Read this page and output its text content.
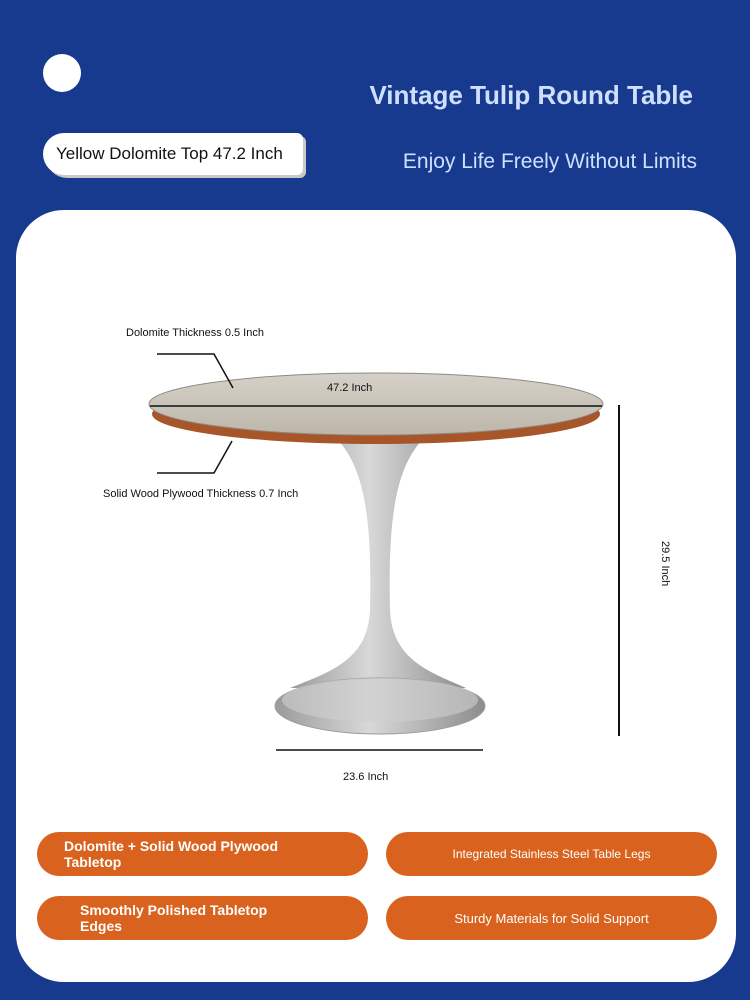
Vintage Tulip Round Table
Enjoy Life Freely Without Limits
Yellow Dolomite Top 47.2 Inch
Dolomite Thickness 0.5 Inch
47.2 Inch
Solid Wood Plywood Thickness 0.7 Inch
29.5 Inch
23.6 Inch
Dolomite + Solid Wood Plywood Tabletop	Integrated Stainless Steel Table Legs
Smoothly Polished Tabletop Edges	Sturdy Materials for Solid Support
